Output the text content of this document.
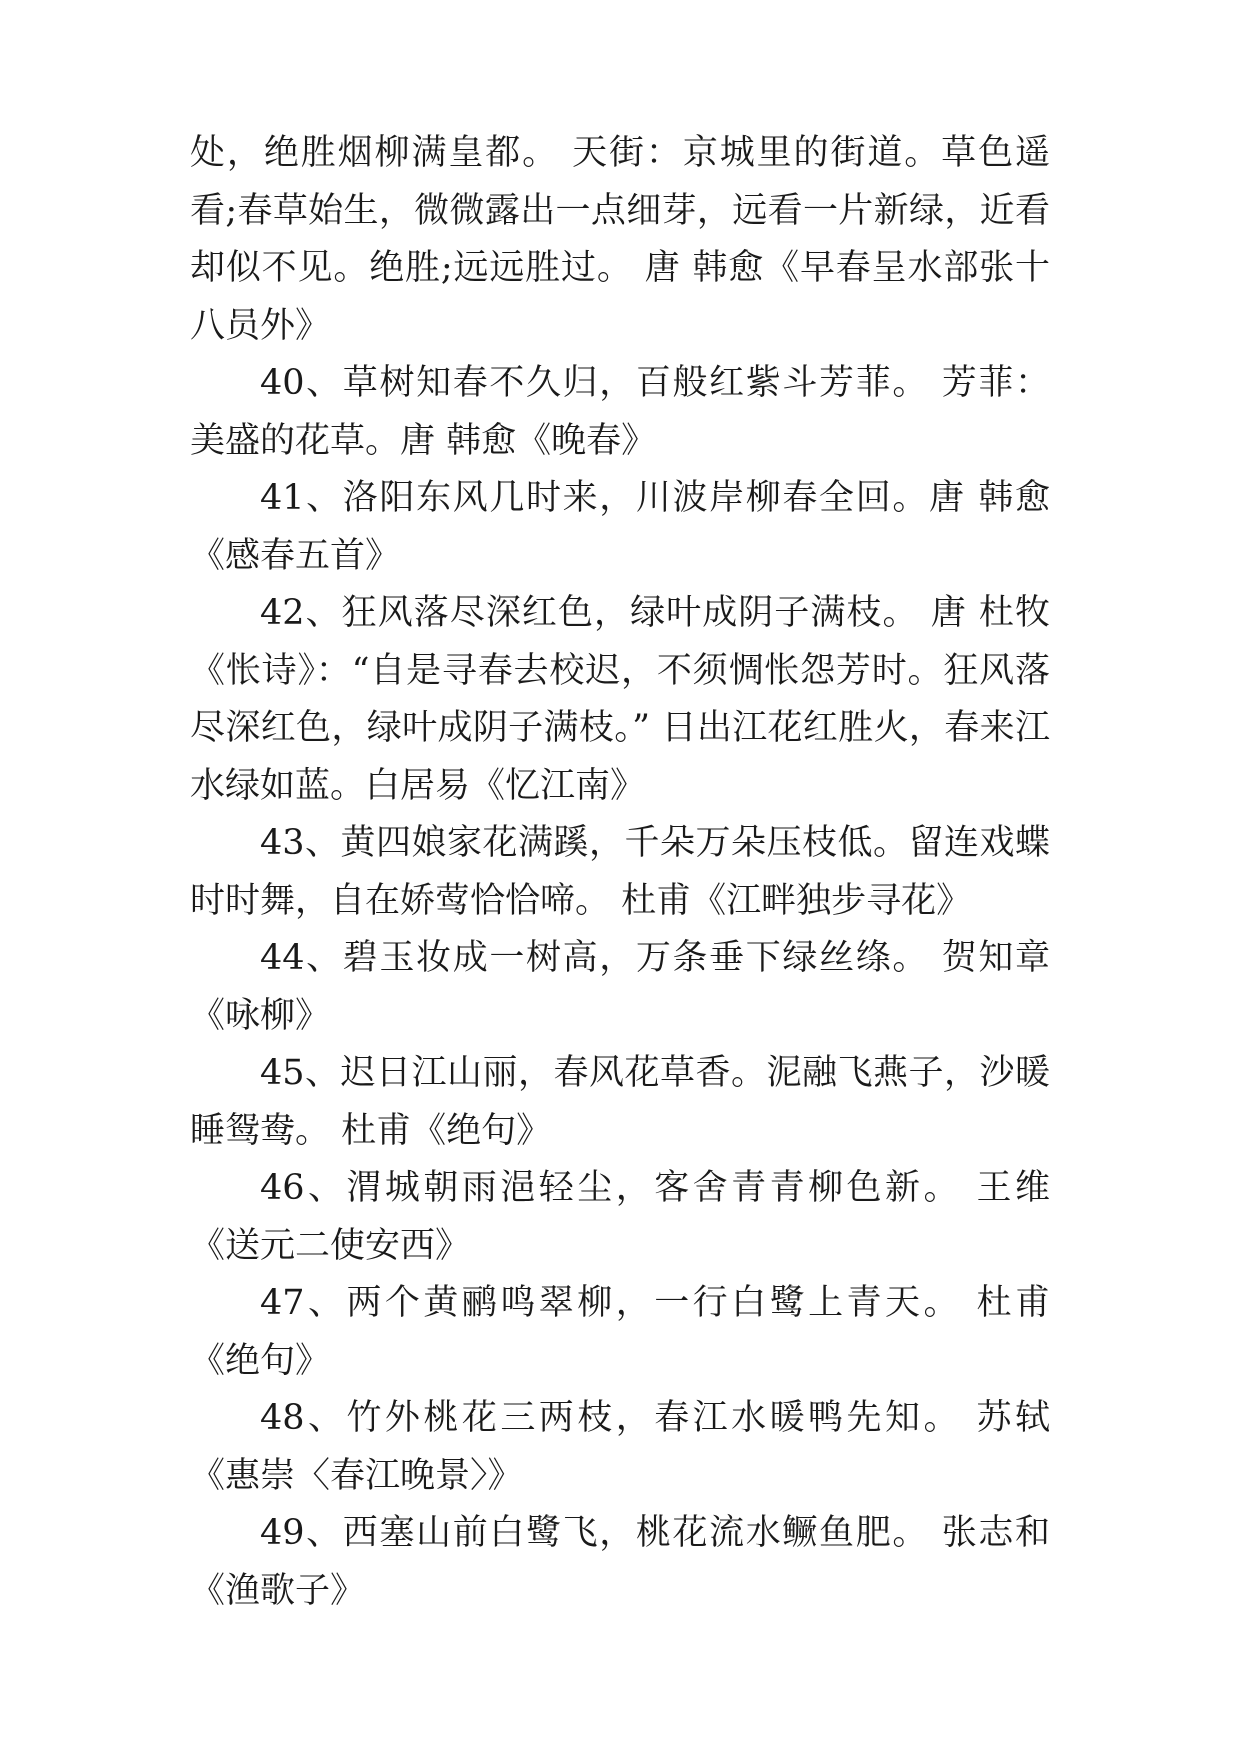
处，绝胜烟柳满皇都。 天街：京城里的街道。草色遥看;春草始生，微微露出一点细芽，远看一片新绿，近看却似不见。绝胜;远远胜过。 唐 韩愈《早春呈水部张十八员外》

40、草树知春不久归，百般红紫斗芳菲。 芳菲：美盛的花草。唐 韩愈《晚春》

41、洛阳东风几时来，川波岸柳春全回。唐 韩愈《感春五首》

42、狂风落尽深红色，绿叶成阴子满枝。 唐 杜牧《怅诗》：“自是寻春去校迟，不须惆怅怨芳时。狂风落尽深红色，绿叶成阴子满枝。” 日出江花红胜火，春来江水绿如蓝。白居易《忆江南》

43、黄四娘家花满蹊，千朵万朵压枝低。留连戏蝶时时舞，自在娇莺恰恰啼。 杜甫《江畔独步寻花》

44、碧玉妆成一树高，万条垂下绿丝绦。 贺知章《咏柳》

45、迟日江山丽，春风花草香。泥融飞燕子，沙暖睡鸳鸯。 杜甫《绝句》

46、渭城朝雨浥轻尘，客舍青青柳色新。 王维《送元二使安西》

47、两个黄鹂鸣翠柳，一行白鹭上青天。 杜甫《绝句》

48、竹外桃花三两枝，春江水暖鸭先知。 苏轼《惠崇〈春江晚景〉》

49、西塞山前白鹭飞，桃花流水鳜鱼肥。 张志和《渔歌子》
